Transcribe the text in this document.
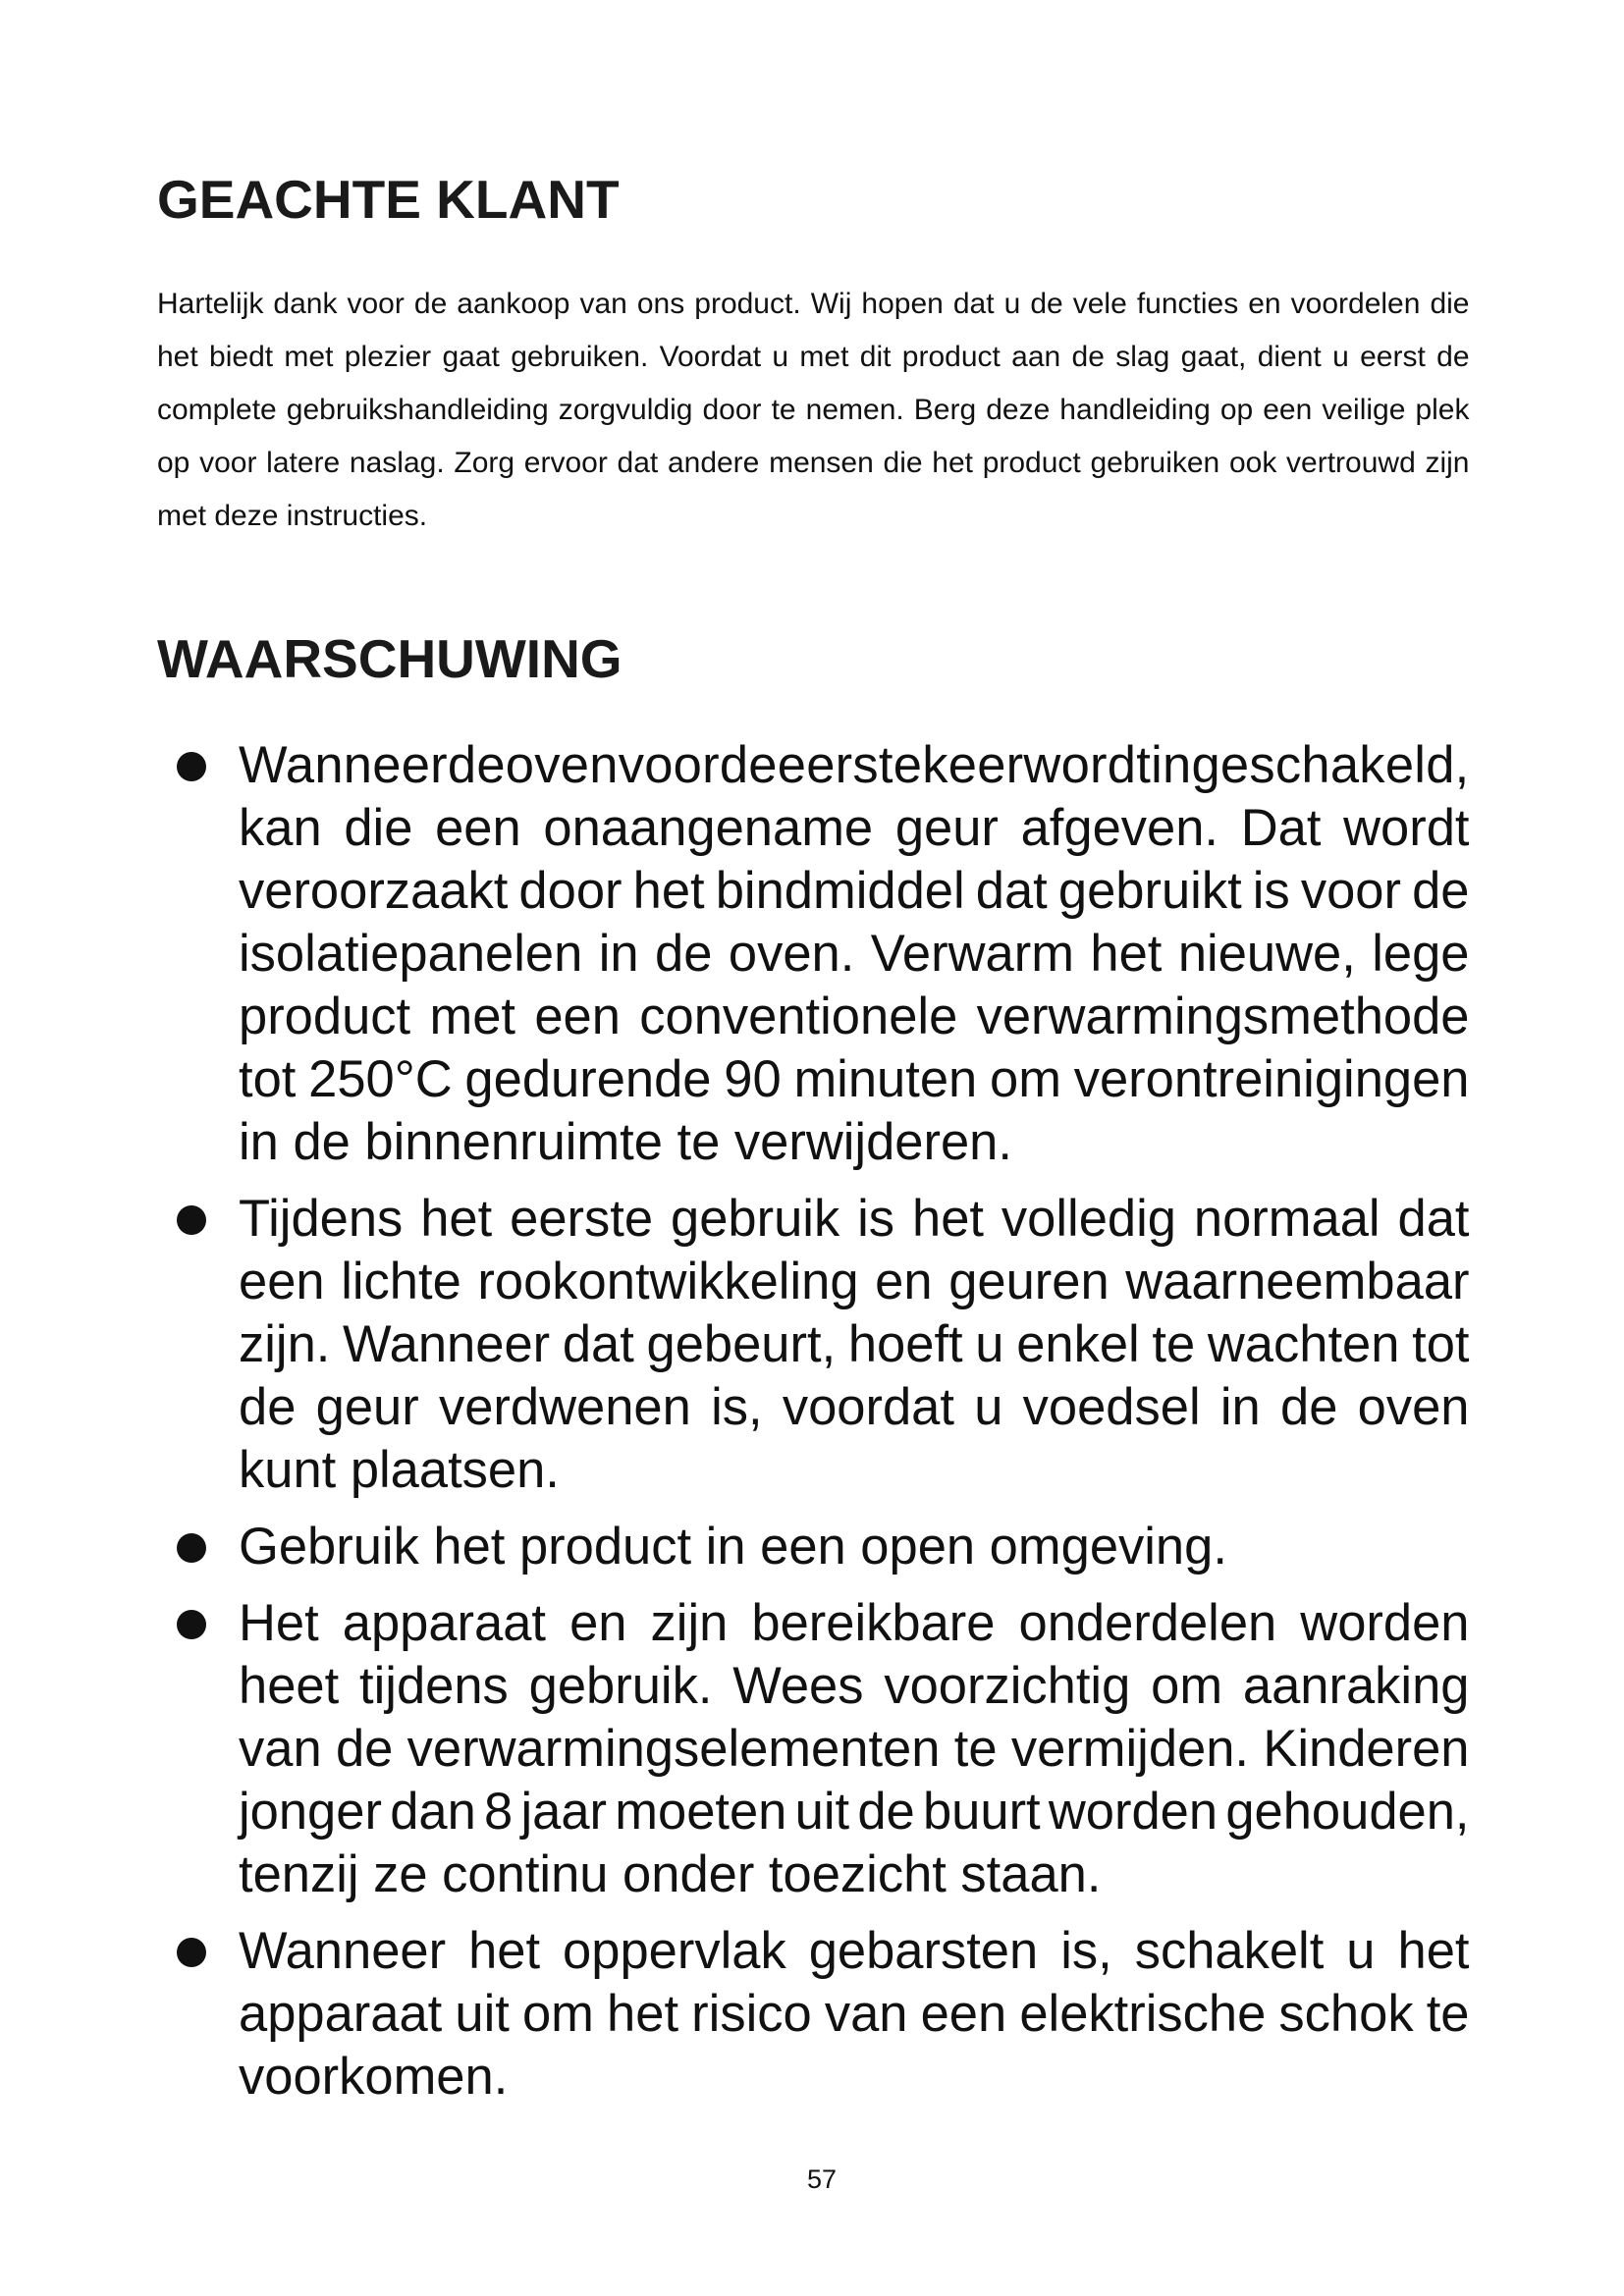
GEACHTE KLANT
Hartelijk dank voor de aankoop van ons product. Wij hopen dat u de vele functies en voordelen die
het biedt met plezier gaat gebruiken. Voordat u met dit product aan de slag gaat, dient u eerst de
complete gebruikshandleiding zorgvuldig door te nemen. Berg deze handleiding op een veilige plek
op voor latere naslag. Zorg ervoor dat andere mensen die het product gebruiken ook vertrouwd zijn
met deze instructies.
WAARSCHUWING
Wanneerdeovenvoordeeerstekeerwordtingeschakeld,
kan die een onaangename geur afgeven. Dat wordt
veroorzaakt door het bindmiddel dat gebruikt is voor de
isolatiepanelen in de oven. Verwarm het nieuwe, lege
product met een conventionele verwarmingsmethode
tot 250°C gedurende 90 minuten om verontreinigingen
in de binnenruimte te verwijderen.
Tijdens het eerste gebruik is het volledig normaal dat
een lichte rookontwikkeling en geuren waarneembaar
zijn. Wanneer dat gebeurt, hoeft u enkel te wachten tot
de geur verdwenen is, voordat u voedsel in de oven
kunt plaatsen.
Gebruik het product in een open omgeving.
Het apparaat en zijn bereikbare onderdelen worden
heet tijdens gebruik. Wees voorzichtig om aanraking
van de verwarmingselementen te vermijden. Kinderen
jonger dan 8 jaar moeten uit de buurt worden gehouden,
tenzij ze continu onder toezicht staan.
Wanneer het oppervlak gebarsten is, schakelt u het
apparaat uit om het risico van een elektrische schok te
voorkomen.
57
